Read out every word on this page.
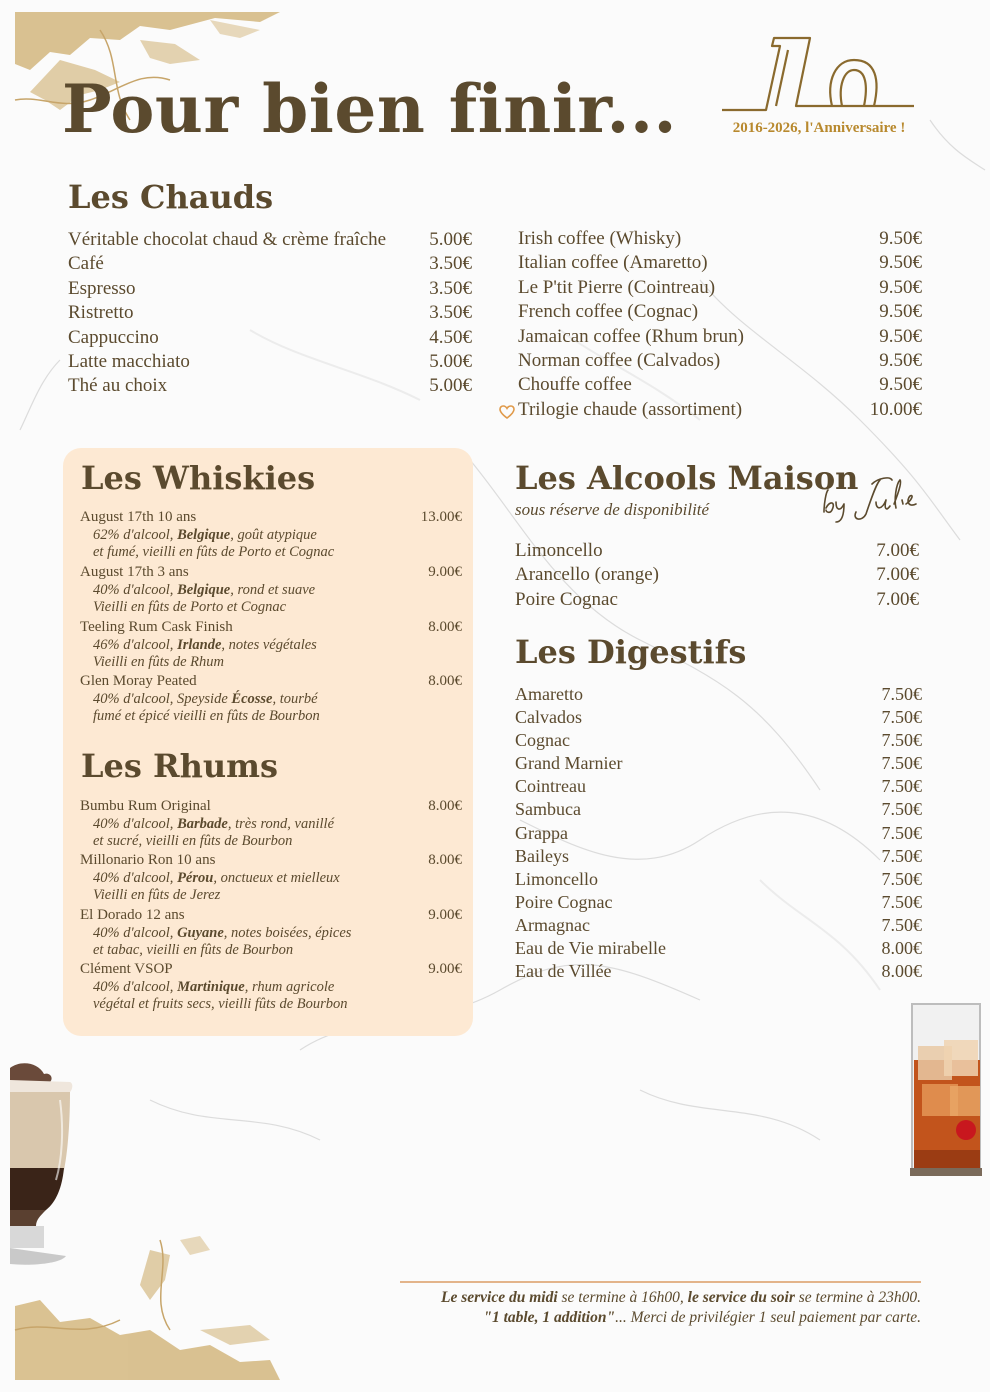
Pour bien finir...	2016-2026, l'Anniversaire !
Les Chauds
Véritable chocolat chaud & crème fraîche 5.00€
Café	3.50€
Espresso	3.50€
Ristretto	3.50€
Cappuccino	4.50€
Latte macchiato	5.00€
Thé au choix	5.00€
Irish coffee (Whisky)	9.50€
Italian coffee (Amaretto)	9.50€
Le P'tit Pierre (Cointreau)	9.50€
French coffee (Cognac)	9.50€
Jamaican coffee (Rhum brun)	9.50€
Norman coffee (Calvados)	9.50€
Chouffe coffee	9.50€
Trilogie chaude (assortiment)	10.00€
Les Whiskies
August 17th 10 ans	13.00€
62% d'alcool, Belgique, goût atypique
et fumé, vieilli en fûts de Porto et Cognac
August 17th 3 ans	9.00€
40% d'alcool, Belgique, rond et suave
Vieilli en fûts de Porto et Cognac
Teeling Rum Cask Finish	8.00€
46% d'alcool, Irlande, notes végétales
Vieilli en fûts de Rhum
Glen Moray Peated	8.00€
40% d'alcool, Speyside Écosse, tourbé
fumé et épicé vieilli en fûts de Bourbon
Les Rhums
Bumbu Rum Original	8.00€
40% d'alcool, Barbade, très rond, vanillé
et sucré, vieilli en fûts de Bourbon
Millonario Ron 10 ans	8.00€
40% d'alcool, Pérou, onctueux et mielleux
Vieilli en fûts de Jerez
El Dorado 12 ans	9.00€
40% d'alcool, Guyane, notes boisées, épices
et tabac, vieilli en fûts de Bourbon
Clément VSOP	9.00€
40% d'alcool, Martinique, rhum agricole
végétal et fruits secs, vieilli fûts de Bourbon
Les Alcools Maison
sous réserve de disponibilité
Limoncello	7.00€
Arancello (orange)	7.00€
Poire Cognac	7.00€
Les Digestifs
Amaretto	7.50€
Calvados	7.50€
Cognac	7.50€
Grand Marnier	7.50€
Cointreau	7.50€
Sambuca	7.50€
Grappa	7.50€
Baileys	7.50€
Limoncello	7.50€
Poire Cognac	7.50€
Armagnac	7.50€
Eau de Vie mirabelle	8.00€
Eau de Villée	8.00€
Le service du midi se termine à 16h00, le service du soir se termine à 23h00.
"1 table, 1 addition"... Merci de privilégier 1 seul paiement par carte.
